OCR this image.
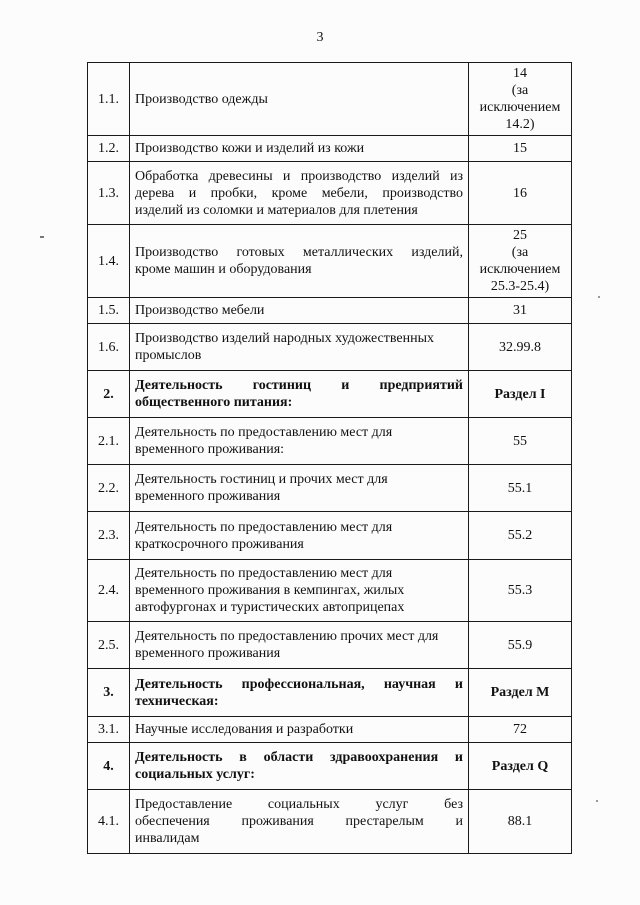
3
1.1.	Производство одежды	14
(за исключением
14.2)

1.2.	Производство кожи и изделий из кожи	15

1.3.	Обработка древесины и производство изделий из
дерева и пробки, кроме мебели, производство
изделий из соломки и материалов для плетения	16

1.4.	Производство готовых металлических изделий,
кроме машин и оборудования	25
(за исключением
25.3-25.4)

1.5.	Производство мебели	31

1.6.	Производство изделий народных художественных
промыслов	32.99.8

2.	Деятельность гостиниц и предприятий
общественного питания:	Раздел I

2.1.	Деятельность по предоставлению мест для
временного проживания:	55

2.2.	Деятельность гостиниц и прочих мест для
временного проживания	55.1

2.3.	Деятельность по предоставлению мест для
краткосрочного проживания	55.2

2.4.	Деятельность по предоставлению мест для
временного проживания в кемпингах, жилых
автофургонах и туристических автоприцепах	55.3

2.5.	Деятельность по предоставлению прочих мест для
временного проживания	55.9

3.	Деятельность профессиональная, научная и
техническая:	Раздел M

3.1.	Научные исследования и разработки	72

4.	Деятельность в области здравоохранения и
социальных услуг:	Раздел Q

4.1.	Предоставление социальных услуг без
обеспечения проживания престарелым и
инвалидам	88.1
